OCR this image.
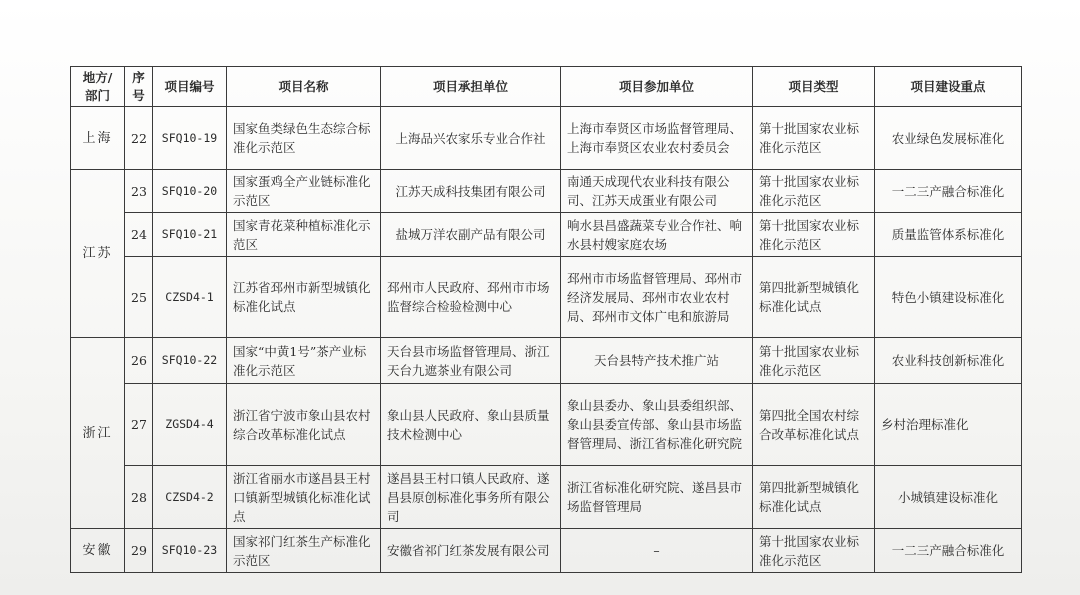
地方/部门	序号	项目编号	项目名称	项目承担单位	项目参加单位	项目类型	项目建设重点
上海	22	SFQ10-19	国家鱼类绿色生态综合标准化示范区	上海品兴农家乐专业合作社	上海市奉贤区市场监督管理局、上海市奉贤区农业农村委员会	第十批国家农业标准化示范区	农业绿色发展标准化
江苏	23	SFQ10-20	国家蛋鸡全产业链标准化示范区	江苏天成科技集团有限公司	南通天成现代农业科技有限公司、江苏天成蛋业有限公司	第十批国家农业标准化示范区	一二三产融合标准化
	24	SFQ10-21	国家青花菜种植标准化示范区	盐城万洋农副产品有限公司	响水县昌盛蔬菜专业合作社、响水县村嫂家庭农场	第十批国家农业标准化示范区	质量监管体系标准化
	25	CZSD4-1	江苏省邳州市新型城镇化标准化试点	邳州市人民政府、邳州市市场监督综合检验检测中心	邳州市市场监督管理局、邳州市经济发展局、邳州市农业农村局、邳州市文体广电和旅游局	第四批新型城镇化标准化试点	特色小镇建设标准化
浙江	26	SFQ10-22	国家“中黄1号”茶产业标准化示范区	天台县市场监督管理局、浙江天台九遮茶业有限公司	天台县特产技术推广站	第十批国家农业标准化示范区	农业科技创新标准化
	27	ZGSD4-4	浙江省宁波市象山县农村综合改革标准化试点	象山县人民政府、象山县质量技术检测中心	象山县委办、象山县委组织部、象山县委宣传部、象山县市场监督管理局、浙江省标准化研究院	第四批全国农村综合改革标准化试点	乡村治理标准化
	28	CZSD4-2	浙江省丽水市遂昌县王村口镇新型城镇化标准化试点	遂昌县王村口镇人民政府、遂昌县原创标准化事务所有限公司	浙江省标准化研究院、遂昌县市场监督管理局	第四批新型城镇化标准化试点	小城镇建设标准化
安徽	29	SFQ10-23	国家祁门红茶生产标准化示范区	安徽省祁门红茶发展有限公司	–	第十批国家农业标准化示范区	一二三产融合标准化
